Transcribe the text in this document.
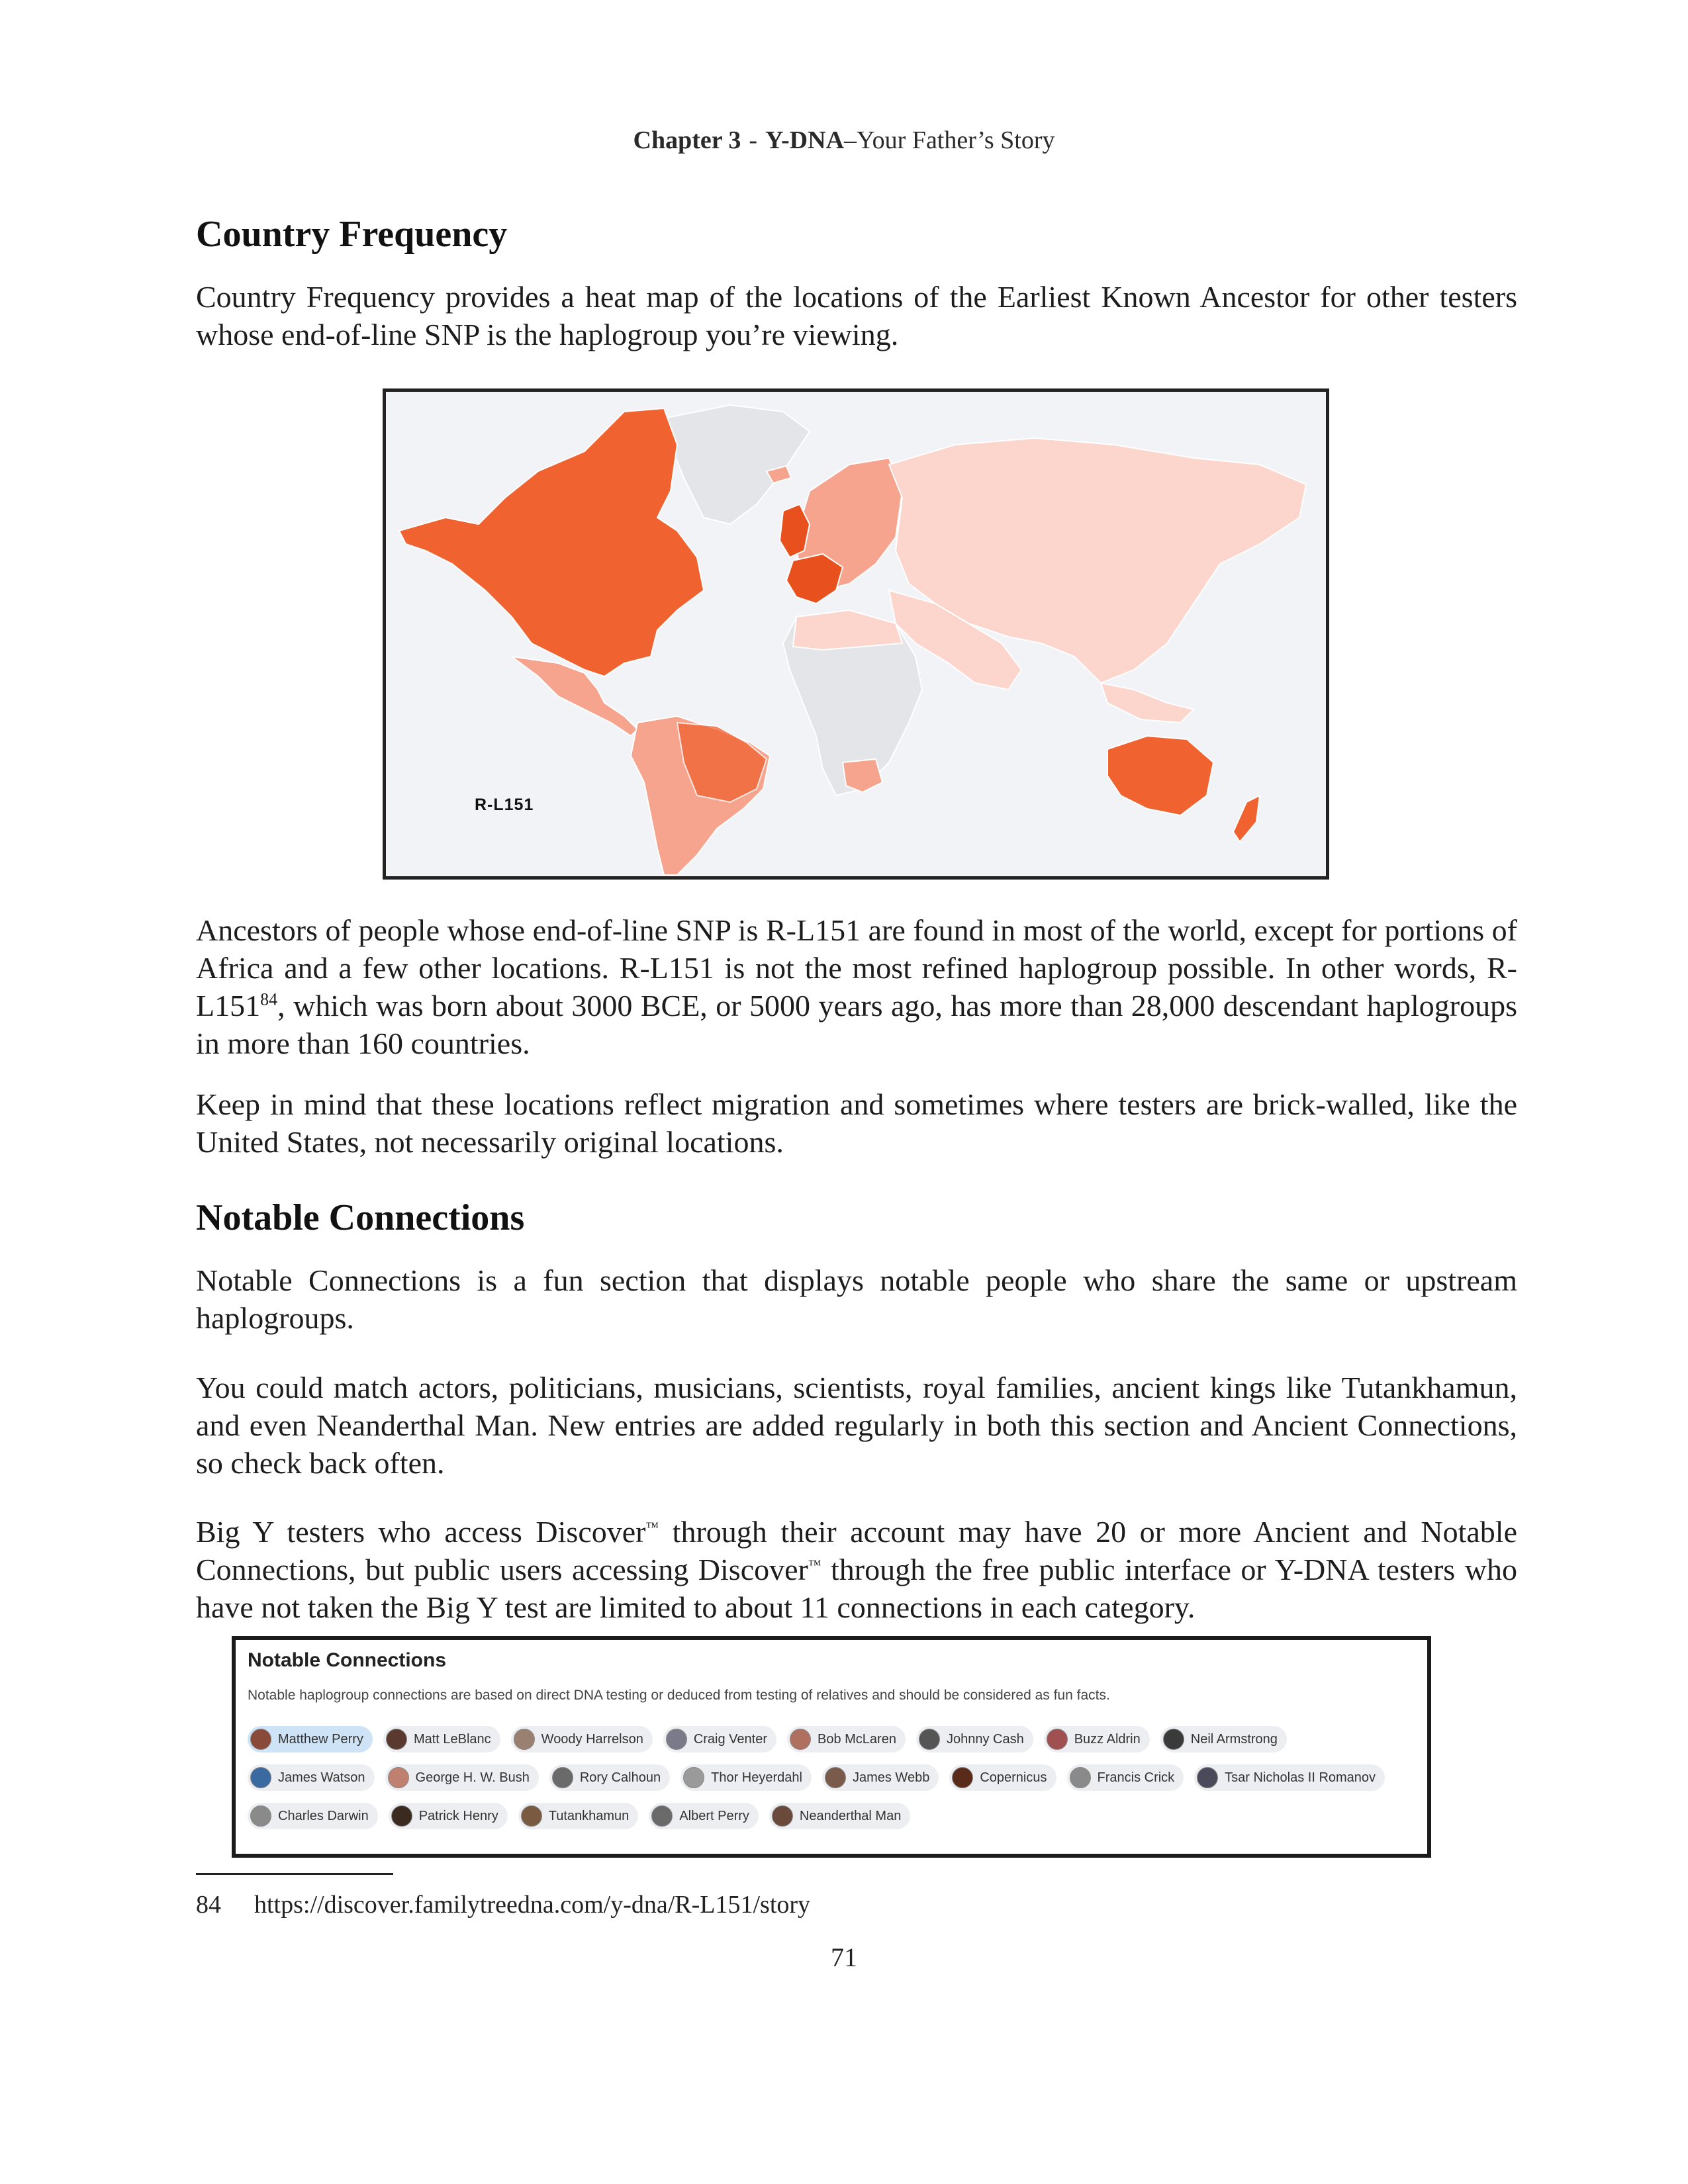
Chapter 3 - Y-DNA–Your Father’s Story
Country Frequency

Country Frequency provides a heat map of the locations of the Earliest Known Ancestor for other testers whose end-of-line SNP is the haplogroup you’re viewing.

R-L151

Ancestors of people whose end-of-line SNP is R-L151 are found in most of the world, except for portions of Africa and a few other locations. R-L151 is not the most refined haplogroup possible. In other words, $R-L151^{84}$, which was born about 3000 BCE, or 5000 years ago, has more than 28,000 descendant haplogroups in more than 160 countries.

Keep in mind that these locations reflect migration and sometimes where testers are brick-walled, like the United States, not necessarily original locations.

Notable Connections

Notable Connections is a fun section that displays notable people who share the same or upstream haplogroups.

You could match actors, politicians, musicians, scientists, royal families, ancient kings like Tutankhamun, and even Neanderthal Man. New entries are added regularly in both this section and Ancient Connections, so check back often.

Big Y testers who access Discover™ through their account may have 20 or more Ancient and Notable Connections, but public users accessing Discover™ through the free public interface or Y-DNA testers who have not taken the Big Y test are limited to about 11 connections in each category.

Notable Connections
Notable haplogroup connections are based on direct DNA testing or deduced from testing of relatives and should be considered as fun facts.
Matthew Perry	Matt LeBlanc	Woody Harrelson	Craig Venter	Bob McLaren	Johnny Cash	Buzz Aldrin	Neil Armstrong
James Watson	George H. W. Bush	Rory Calhoun	Thor Heyerdahl	James Webb	Copernicus	Francis Crick	Tsar Nicholas II Romanov
Charles Darwin	Patrick Henry	Tutankhamun	Albert Perry	Neanderthal Man
84 https://discover.familytreedna.com/y-dna/R-L151/story
71
